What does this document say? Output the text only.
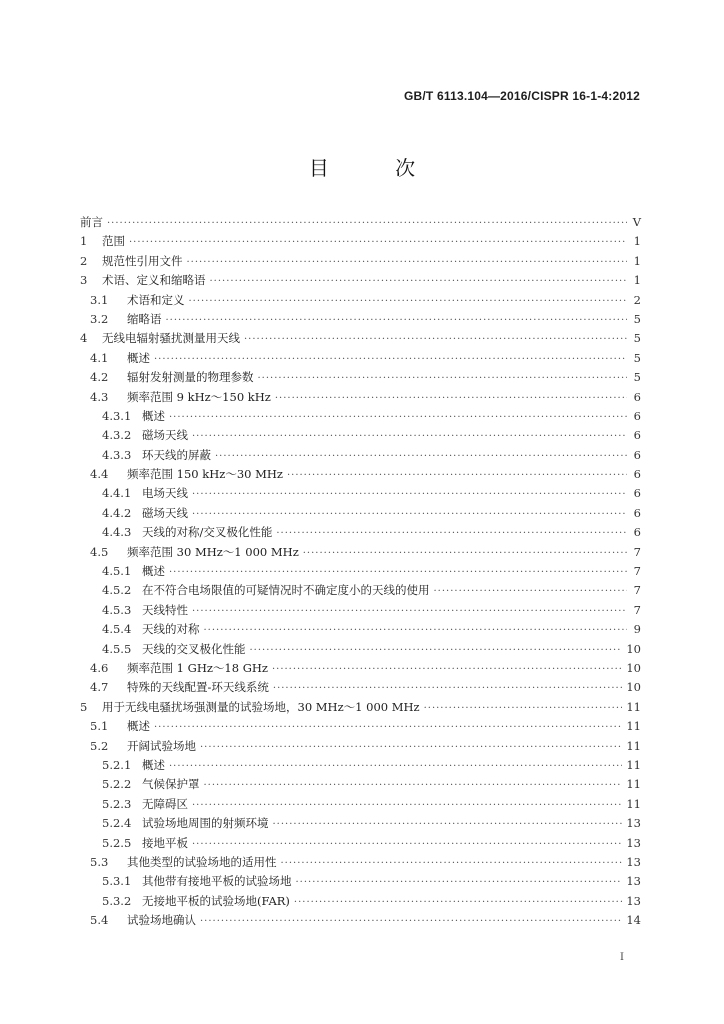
GB/T 6113.104—2016/CISPR 16-1-4:2012
目 次
前言 ·····	V
1	范围 ·····	1
2	规范性引用文件 ·····	1
3	术语、定义和缩略语 ·····	1
3.1	术语和定义 ·····	2
3.2	缩略语 ·····	5
4	无线电辐射骚扰测量用天线 ·····	5
4.1	概述 ·····	5
4.2	辐射发射测量的物理参数 ·····	5
4.3	频率范围 9 kHz～150 kHz ·····	6
4.3.1 概述 ·····	6
4.3.2 磁场天线 ·····	6
4.3.3 环天线的屏蔽 ·····	6
4.4	频率范围 150 kHz～30 MHz ·····	6
4.4.1 电场天线 ·····	6
4.4.2 磁场天线 ·····	6
4.4.3 天线的对称/交叉极化性能 ·····	6
4.5	频率范围 30 MHz～1 000 MHz ·····	7
4.5.1 概述 ·····	7
4.5.2 在不符合电场限值的可疑情况时不确定度小的天线的使用 ·····	7
4.5.3 天线特性 ·····	7
4.5.4 天线的对称 ·····	9
4.5.5 天线的交叉极化性能 ·····	10
4.6	频率范围 1 GHz～18 GHz ·····	10
4.7	特殊的天线配置-环天线系统 ·····	10
5	用于无线电骚扰场强测量的试验场地，30 MHz～1 000 MHz ·····	11
5.1	概述 ·····	11
5.2	开阔试验场地 ·····	11
5.2.1 概述 ·····	11
5.2.2 气候保护罩 ·····	11
5.2.3 无障碍区 ·····	11
5.2.4 试验场地周围的射频环境 ·····	13
5.2.5 接地平板 ·····	13
5.3	其他类型的试验场地的适用性 ·····	13
5.3.1 其他带有接地平板的试验场地 ·····	13
5.3.2 无接地平板的试验场地(FAR) ·····	13
5.4	试验场地确认 ·····	14
I
